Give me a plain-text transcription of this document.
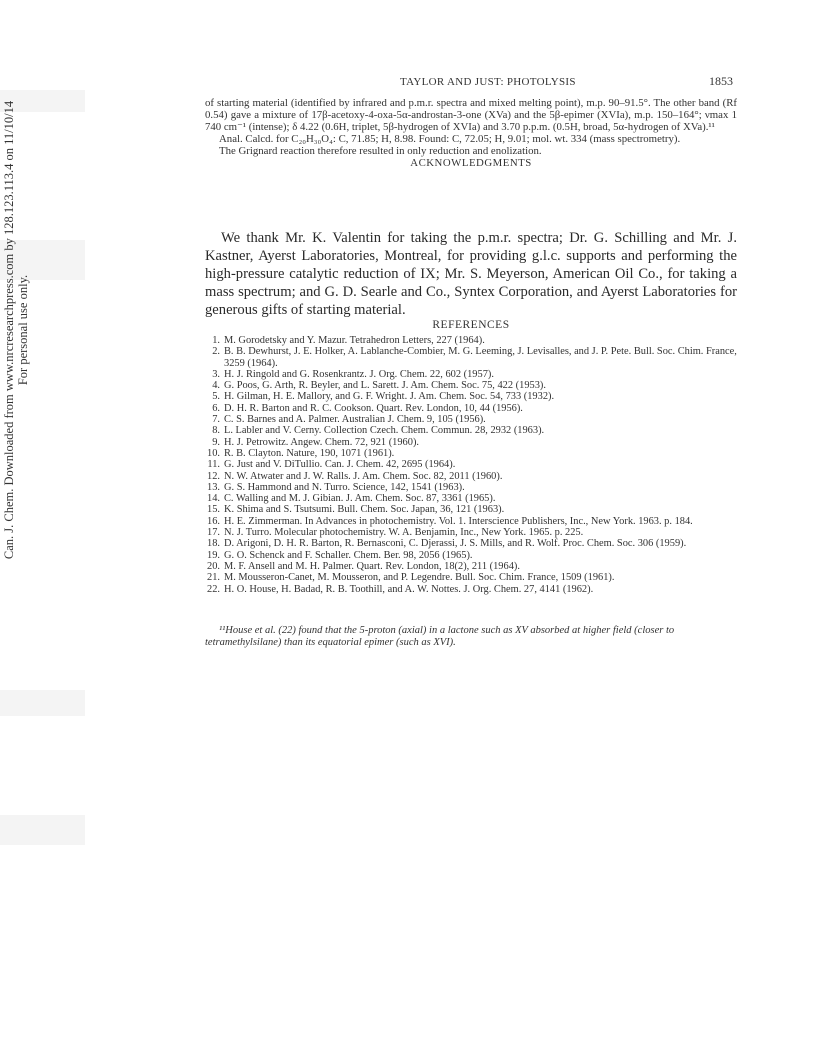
Can. J. Chem. Downloaded from www.nrcresearchpress.com by 128.123.113.4 on 11/10/14 For personal use only.
TAYLOR AND JUST: PHOTOLYSIS	1853

of starting material (identified by infrared and p.m.r. spectra and mixed melting point), m.p. 90–91.5°. The other band (Rf 0.54) gave a mixture of 17β-acetoxy-4-oxa-5α-androstan-3-one (XVa) and the 5β-epimer (XVIa), m.p. 150–164°; νmax 1 740 cm⁻¹ (intense); δ 4.22 (0.6H, triplet, 5β-hydrogen of XVIa) and 3.70 p.p.m. (0.5H, broad, 5α-hydrogen of XVa).¹¹

Anal. Calcd. for C₂₀H₃₀O₄: C, 71.85; H, 8.98. Found: C, 72.05; H, 9.01; mol. wt. 334 (mass spectrometry).

The Grignard reaction therefore resulted in only reduction and enolization.

ACKNOWLEDGMENTS

We thank Mr. K. Valentin for taking the p.m.r. spectra; Dr. G. Schilling and Mr. J. Kastner, Ayerst Laboratories, Montreal, for providing g.l.c. supports and performing the high-pressure catalytic reduction of IX; Mr. S. Meyerson, American Oil Co., for taking a mass spectrum; and G. D. Searle and Co., Syntex Corporation, and Ayerst Laboratories for generous gifts of starting material.
REFERENCES
1. M. Gorodetsky and Y. Mazur. Tetrahedron Letters, 227 (1964).
2. B. B. Dewhurst, J. E. Holker, A. Lablanche-Combier, M. G. Leeming, J. Levisalles, and J. P. Pete. Bull. Soc. Chim. France, 3259 (1964).
3. H. J. Ringold and G. Rosenkrantz. J. Org. Chem. 22, 602 (1957).
4. G. Poos, G. Arth, R. Beyler, and L. Sarett. J. Am. Chem. Soc. 75, 422 (1953).
5. H. Gilman, H. E. Mallory, and G. F. Wright. J. Am. Chem. Soc. 54, 733 (1932).
6. D. H. R. Barton and R. C. Cookson. Quart. Rev. London, 10, 44 (1956).
7. C. S. Barnes and A. Palmer. Australian J. Chem. 9, 105 (1956).
8. L. Labler and V. Cerny. Collection Czech. Chem. Commun. 28, 2932 (1963).
9. H. J. Petrowitz. Angew. Chem. 72, 921 (1960).
10. R. B. Clayton. Nature, 190, 1071 (1961).
11. G. Just and V. DiTullio. Can. J. Chem. 42, 2695 (1964).
12. N. W. Atwater and J. W. Ralls. J. Am. Chem. Soc. 82, 2011 (1960).
13. G. S. Hammond and N. Turro. Science, 142, 1541 (1963).
14. C. Walling and M. J. Gibian. J. Am. Chem. Soc. 87, 3361 (1965).
15. K. Shima and S. Tsutsumi. Bull. Chem. Soc. Japan, 36, 121 (1963).
16. H. E. Zimmerman. In Advances in photochemistry. Vol. 1. Interscience Publishers, Inc., New York. 1963. p. 184.
17. N. J. Turro. Molecular photochemistry. W. A. Benjamin, Inc., New York. 1965. p. 225.
18. D. Arigoni, D. H. R. Barton, R. Bernasconi, C. Djerassi, J. S. Mills, and R. Wolf. Proc. Chem. Soc. 306 (1959).
19. G. O. Schenck and F. Schaller. Chem. Ber. 98, 2056 (1965).
20. M. F. Ansell and M. H. Palmer. Quart. Rev. London, 18(2), 211 (1964).
21. M. Mousseron-Canet, M. Mousseron, and P. Legendre. Bull. Soc. Chim. France, 1509 (1961).
22. H. O. House, H. Badad, R. B. Toothill, and A. W. Nottes. J. Org. Chem. 27, 4141 (1962).
¹¹House et al. (22) found that the 5-proton (axial) in a lactone such as XV absorbed at higher field (closer to tetramethylsilane) than its equatorial epimer (such as XVI).
